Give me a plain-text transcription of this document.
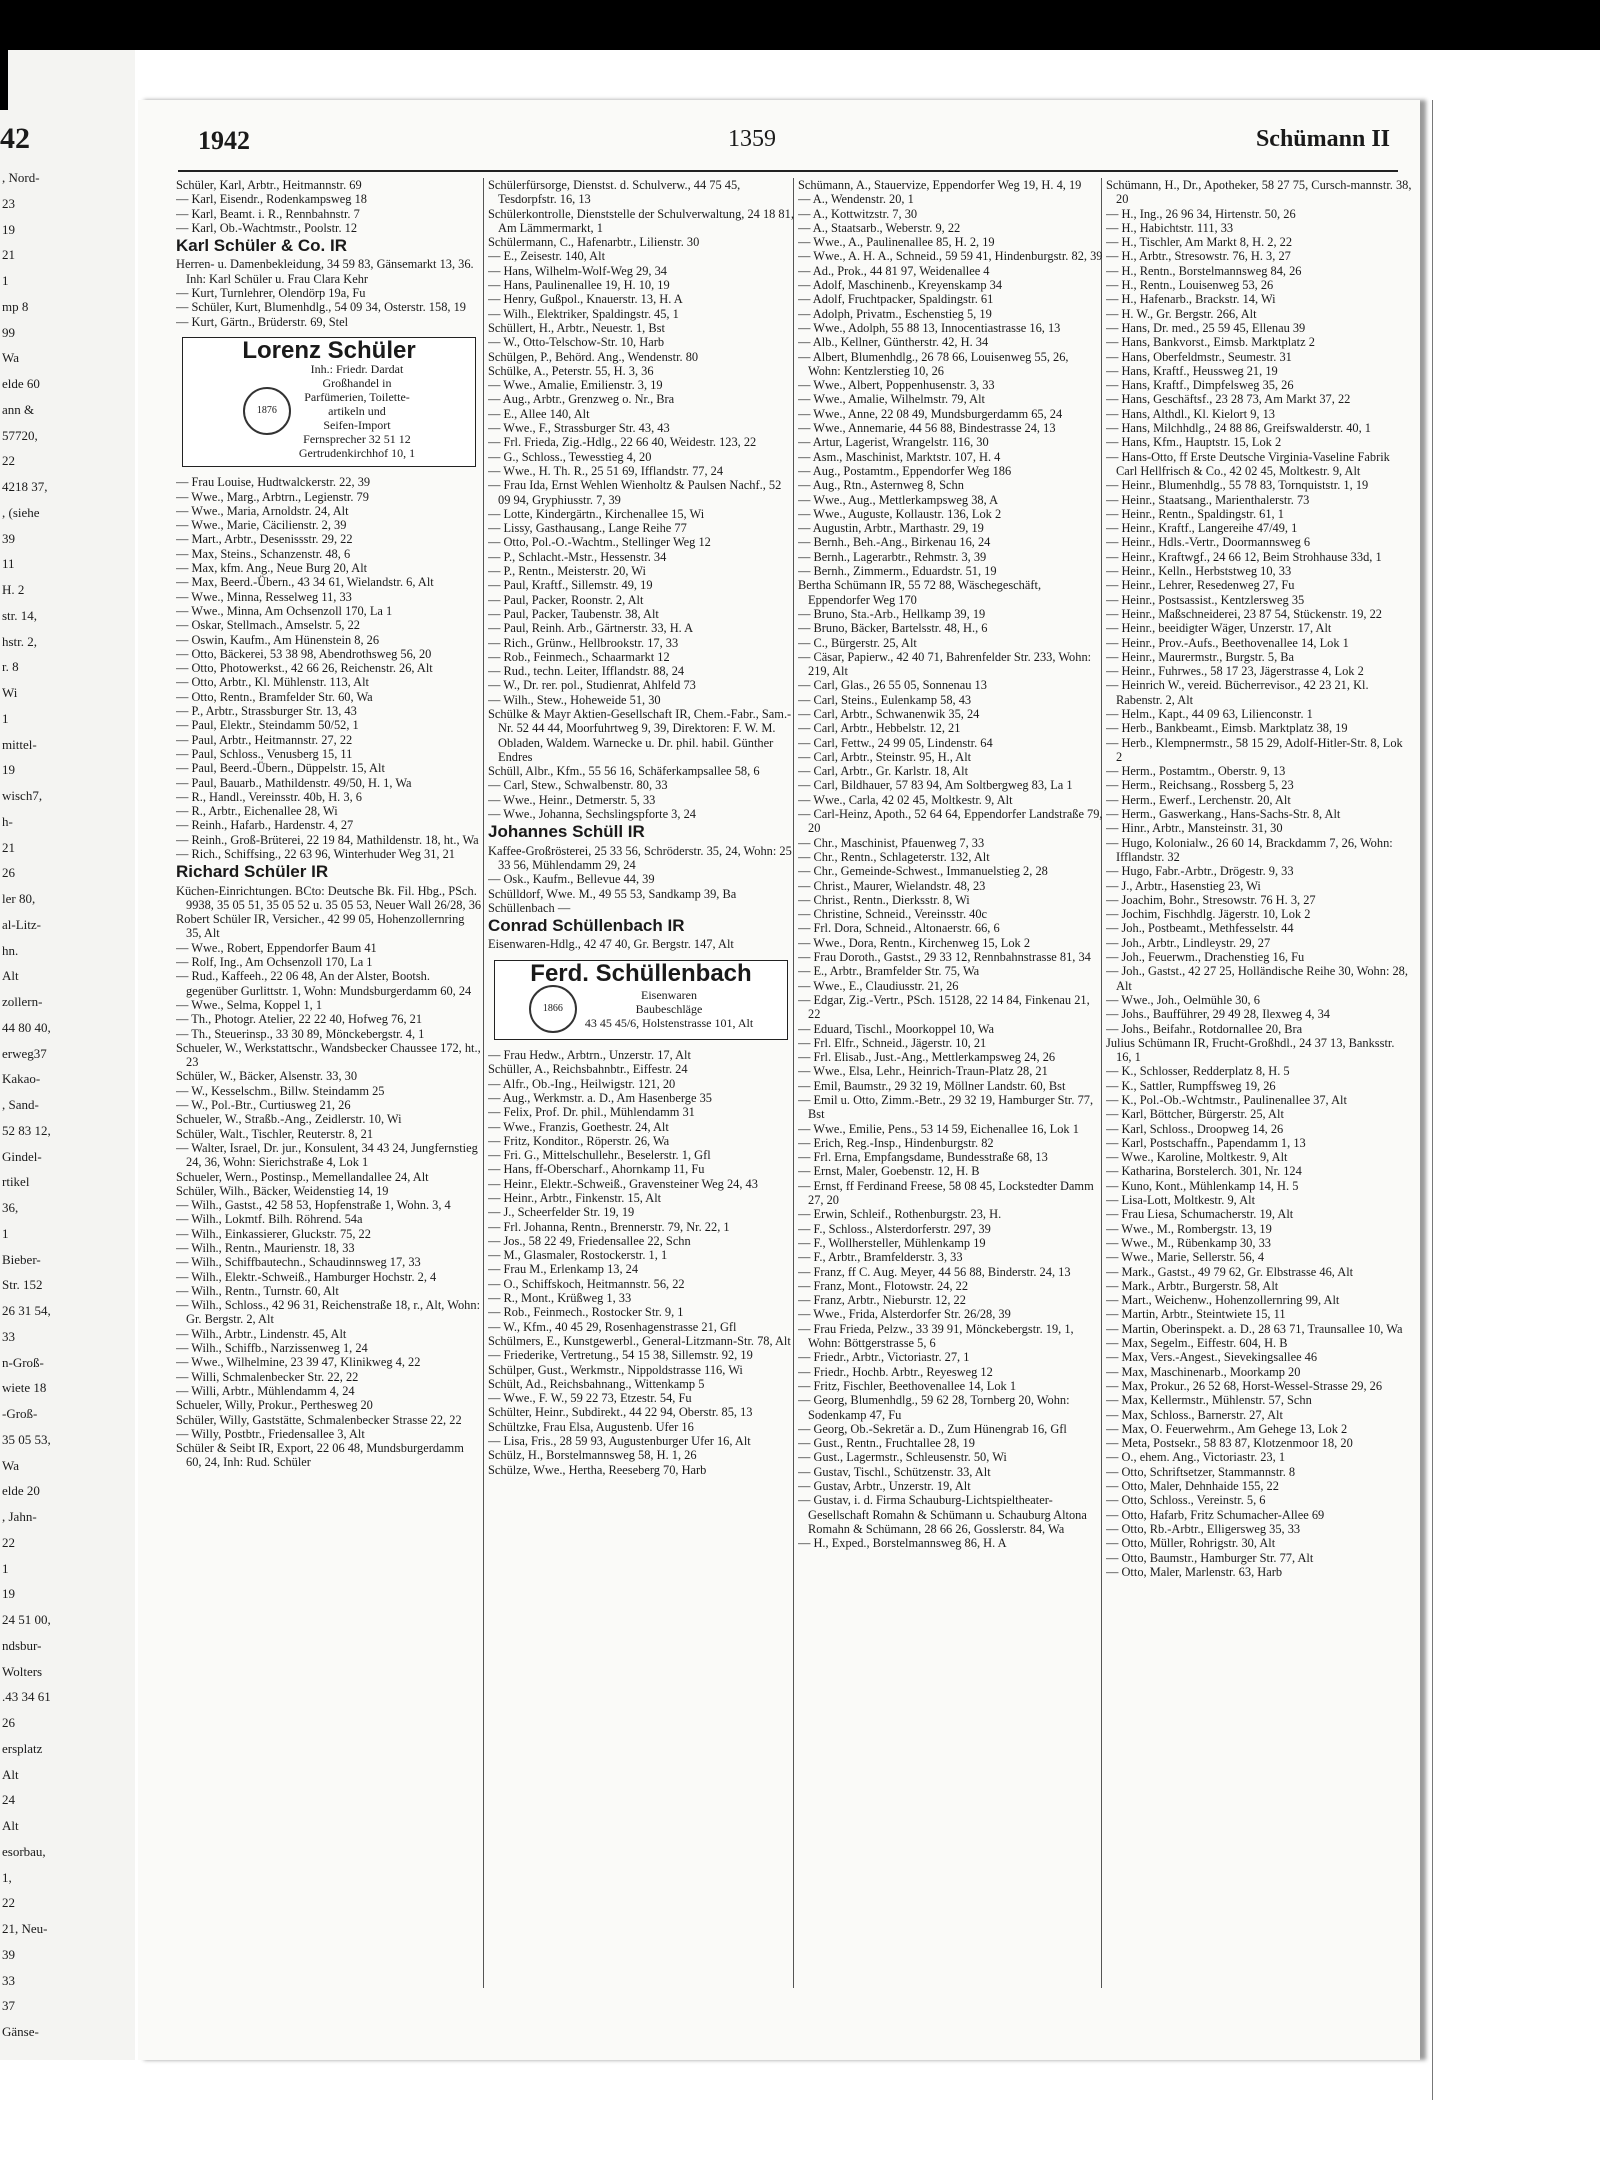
42
, Nord-
23
19
21
1
mp 8
99
Wa
elde 60
ann &
57720,
22
4218 37,
, (siehe
39
11
H. 2
str. 14,
hstr. 2,
r. 8
Wi
1
mittel-
19
wisch7,
h-
21
26
ler 80,
al-Litz-
hn.
Alt
zollern-
44 80 40,
erweg37
Kakao-
, Sand-
52 83 12,
Gindel-
rtikel
36,
1
Bieber-
Str. 152
26 31 54,
33
n-Groß-
wiete 18
-Groß-
35 05 53,
Wa
elde 20
, Jahn-
22
1
19
24 51 00,
ndsbur-
Wolters
.43 34 61
26
ersplatz
Alt
24
Alt
esorbau,
1,
22
21, Neu-
39
33
37
Gänse-
1942	1359	Schümann II
Schüler, Karl, Arbtr., Heitmannstr. 69
— Karl, Eisendr., Rodenkampsweg 18
— Karl, Beamt. i. R., Rennbahnstr. 7
— Karl, Ob.-Wachtmstr., Poolstr. 12
Karl Schüler & Co. IR
Herren- u. Damenbekleidung, 34 59 83, Gänsemarkt 13, 36. Inh: Karl Schüler u. Frau Clara Kehr
— Kurt, Turnlehrer, Olendörp 19a, Fu
— Schüler, Kurt, Blumenhdlg., 54 09 34, Osterstr. 158, 19
— Kurt, Gärtn., Brüderstr. 69, Stel
Lorenz Schüler
1876
Inh.: Friedr. Dardat
Großhandel in
Parfümerien, Toilette-
artikeln und
Seifen-Import
Fernsprecher 32 51 12
Gertrudenkirchhof 10, 1
— Frau Louise, Hudtwalckerstr. 22, 39
— Wwe., Marg., Arbtrn., Legienstr. 79
— Wwe., Maria, Arnoldstr. 24, Alt
— Wwe., Marie, Cäcilienstr. 2, 39
— Mart., Arbtr., Desenissstr. 29, 22
— Max, Steins., Schanzenstr. 48, 6
— Max, kfm. Ang., Neue Burg 20, Alt
— Max, Beerd.-Übern., 43 34 61, Wielandstr. 6, Alt
— Wwe., Minna, Resselweg 11, 33
— Wwe., Minna, Am Ochsenzoll 170, La 1
— Oskar, Stellmach., Amselstr. 5, 22
— Oswin, Kaufm., Am Hünenstein 8, 26
— Otto, Bäckerei, 53 38 98, Abendrothsweg 56, 20
— Otto, Photowerkst., 42 66 26, Reichenstr. 26, Alt
— Otto, Arbtr., Kl. Mühlenstr. 113, Alt
— Otto, Rentn., Bramfelder Str. 60, Wa
— P., Arbtr., Strassburger Str. 13, 43
— Paul, Elektr., Steindamm 50/52, 1
— Paul, Arbtr., Heitmannstr. 27, 22
— Paul, Schloss., Venusberg 15, 11
— Paul, Beerd.-Übern., Düppelstr. 15, Alt
— Paul, Bauarb., Mathildenstr. 49/50, H. 1, Wa
— R., Handl., Vereinsstr. 40b, H. 3, 6
— R., Arbtr., Eichenallee 28, Wi
— Reinh., Hafarb., Hardenstr. 4, 27
— Reinh., Groß-Brüterei, 22 19 84, Mathildenstr. 18, ht., Wa
— Rich., Schiffsing., 22 63 96, Winterhuder Weg 31, 21
Richard Schüler IR
Küchen-Einrichtungen. BCto: Deutsche Bk. Fil. Hbg., PSch. 9938, 35 05 51, 35 05 52 u. 35 05 53, Neuer Wall 26/28, 36
Robert Schüler IR, Versicher., 42 99 05, Hohenzollernring 35, Alt
— Wwe., Robert, Eppendorfer Baum 41
— Rolf, Ing., Am Ochsenzoll 170, La 1
— Rud., Kaffeeh., 22 06 48, An der Alster, Bootsh. gegenüber Gurlittstr. 1, Wohn: Mundsburgerdamm 60, 24
— Wwe., Selma, Koppel 1, 1
— Th., Photogr. Atelier, 22 22 40, Hofweg 76, 21
— Th., Steuerinsp., 33 30 89, Mönckebergstr. 4, 1
Schueler, W., Werkstattschr., Wandsbecker Chaussee 172, ht., 23
Schüler, W., Bäcker, Alsenstr. 33, 30
— W., Kesselschm., Billw. Steindamm 25
— W., Pol.-Btr., Curtiusweg 21, 26
Schueler, W., Straßb.-Ang., Zeidlerstr. 10, Wi
Schüler, Walt., Tischler, Reuterstr. 8, 21
— Walter, Israel, Dr. jur., Konsulent, 34 43 24, Jungfernstieg 24, 36, Wohn: Sierichstraße 4, Lok 1
Schueler, Wern., Postinsp., Memellandallee 24, Alt
Schüler, Wilh., Bäcker, Weidenstieg 14, 19
— Wilh., Gastst., 42 58 53, Hopfenstraße 1, Wohn. 3, 4
— Wilh., Lokmtf. Bilh. Röhrend. 54a
— Wilh., Einkassierer, Gluckstr. 75, 22
— Wilh., Rentn., Maurienstr. 18, 33
— Wilh., Schiffbautechn., Schaudinnsweg 17, 33
— Wilh., Elektr.-Schweiß., Hamburger Hochstr. 2, 4
— Wilh., Rentn., Turnstr. 60, Alt
— Wilh., Schloss., 42 96 31, Reichenstraße 18, r., Alt, Wohn: Gr. Bergstr. 2, Alt
— Wilh., Arbtr., Lindenstr. 45, Alt
— Wilh., Schiffb., Narzissenweg 1, 24
— Wwe., Wilhelmine, 23 39 47, Klinikweg 4, 22
— Willi, Schmalenbecker Str. 22, 22
— Willi, Arbtr., Mühlendamm 4, 24
Schueler, Willy, Prokur., Perthesweg 20
Schüler, Willy, Gaststätte, Schmalenbecker Strasse 22, 22
— Willy, Postbtr., Friedensallee 3, Alt
Schüler & Seibt IR, Export, 22 06 48, Mundsburgerdamm 60, 24, Inh: Rud. Schüler
Schülerfürsorge, Dienstst. d. Schulverw., 44 75 45, Tesdorpfstr. 16, 13
Schülerkontrolle, Dienststelle der Schulverwaltung, 24 18 81, Am Lämmermarkt, 1
Schülermann, C., Hafenarbtr., Lilienstr. 30
— E., Zeisestr. 140, Alt
— Hans, Wilhelm-Wolf-Weg 29, 34
— Hans, Paulinenallee 19, H. 10, 19
— Henry, Gußpol., Knauerstr. 13, H. A
— Wilh., Elektriker, Spaldingstr. 45, 1
Schüllert, H., Arbtr., Neuestr. 1, Bst
— W., Otto-Telschow-Str. 10, Harb
Schülgen, P., Behörd. Ang., Wendenstr. 80
Schülke, A., Peterstr. 55, H. 3, 36
— Wwe., Amalie, Emilienstr. 3, 19
— Aug., Arbtr., Grenzweg o. Nr., Bra
— E., Allee 140, Alt
— Wwe., F., Strassburger Str. 43, 43
— Frl. Frieda, Zig.-Hdlg., 22 66 40, Weidestr. 123, 22
— G., Schloss., Tewesstieg 4, 20
— Wwe., H. Th. R., 25 51 69, Ifflandstr. 77, 24
— Frau Ida, Ernst Wehlen Wienholtz & Paulsen Nachf., 52 09 94, Gryphiusstr. 7, 39
— Lotte, Kindergärtn., Kirchenallee 15, Wi
— Lissy, Gasthausang., Lange Reihe 77
— Otto, Pol.-O.-Wachtm., Stellinger Weg 12
— P., Schlacht.-Mstr., Hessenstr. 34
— P., Rentn., Meisterstr. 20, Wi
— Paul, Kraftf., Sillemstr. 49, 19
— Paul, Packer, Roonstr. 2, Alt
— Paul, Packer, Taubenstr. 38, Alt
— Paul, Reinh. Arb., Gärtnerstr. 33, H. A
— Rich., Grünw., Hellbrookstr. 17, 33
— Rob., Feinmech., Schaarmarkt 12
— Rud., techn. Leiter, Ifflandstr. 88, 24
— W., Dr. rer. pol., Studienrat, Ahlfeld 73
— Wilh., Stew., Hoheweide 51, 30
Schülke & Mayr Aktien-Gesellschaft IR, Chem.-Fabr., Sam.-Nr. 52 44 44, Moorfuhrtweg 9, 39, Direktoren: F. W. M. Obladen, Waldem. Warnecke u. Dr. phil. habil. Günther Endres
Schüll, Albr., Kfm., 55 56 16, Schäferkampsallee 58, 6
— Carl, Stew., Schwalbenstr. 80, 33
— Wwe., Heinr., Detmerstr. 5, 33
— Wwe., Johanna, Sechslingspforte 3, 24
Johannes Schüll IR
Kaffee-Großrösterei, 25 33 56, Schröderstr. 35, 24, Wohn: 25 33 56, Mühlendamm 29, 24
— Osk., Kaufm., Bellevue 44, 39
Schülldorf, Wwe. M., 49 55 53, Sandkamp 39, Ba
Schüllenbach —
Conrad Schüllenbach IR
Eisenwaren-Hdlg., 42 47 40, Gr. Bergstr. 147, Alt
Ferd. Schüllenbach
1866
Eisenwaren
Baubeschläge
43 45 45/6, Holstenstrasse 101, Alt
— Frau Hedw., Arbtrn., Unzerstr. 17, Alt
Schüller, A., Reichsbahnbtr., Eiffestr. 24
— Alfr., Ob.-Ing., Heilwigstr. 121, 20
— Aug., Werkmstr. a. D., Am Hasenberge 35
— Felix, Prof. Dr. phil., Mühlendamm 31
— Wwe., Franzis, Goethestr. 24, Alt
— Fritz, Konditor., Röperstr. 26, Wa
— Fri. G., Mittelschullehr., Beselerstr. 1, Gfl
— Hans, ff-Oberscharf., Ahornkamp 11, Fu
— Heinr., Elektr.-Schweiß., Gravensteiner Weg 24, 43
— Heinr., Arbtr., Finkenstr. 15, Alt
— J., Scheerfelder Str. 19, 19
— Frl. Johanna, Rentn., Brennerstr. 79, Nr. 22, 1
— Jos., 58 22 49, Friedensallee 22, Schn
— M., Glasmaler, Rostockerstr. 1, 1
— Frau M., Erlenkamp 13, 24
— O., Schiffskoch, Heitmannstr. 56, 22
— R., Mont., Krüßweg 1, 33
— Rob., Feinmech., Rostocker Str. 9, 1
— W., Kfm., 40 45 29, Rosenhagenstrasse 21, Gfl
Schülmers, E., Kunstgewerbl., General-Litzmann-Str. 78, Alt
— Friederike, Vertretung., 54 15 38, Sillemstr. 92, 19
Schülper, Gust., Werkmstr., Nippoldstrasse 116, Wi
Schült, Ad., Reichsbahnang., Wittenkamp 5
— Wwe., F. W., 59 22 73, Etzestr. 54, Fu
Schülter, Heinr., Subdirekt., 44 22 94, Oberstr. 85, 13
Schültzke, Frau Elsa, Augustenb. Ufer 16
— Lisa, Fris., 28 59 93, Augustenburger Ufer 16, Alt
Schülz, H., Borstelmannsweg 58, H. 1, 26
Schülze, Wwe., Hertha, Reeseberg 70, Harb
Schümann, A., Stauervize, Eppendorfer Weg 19, H. 4, 19
— A., Wendenstr. 20, 1
— A., Kottwitzstr. 7, 30
— A., Staatsarb., Weberstr. 9, 22
— Wwe., A., Paulinenallee 85, H. 2, 19
— Wwe., A. H. A., Schneid., 59 59 41, Hindenburgstr. 82, 39
— Ad., Prok., 44 81 97, Weidenallee 4
— Adolf, Maschinenb., Kreyenskamp 34
— Adolf, Fruchtpacker, Spaldingstr. 61
— Adolph, Privatm., Eschenstieg 5, 19
— Wwe., Adolph, 55 88 13, Innocentiastrasse 16, 13
— Alb., Kellner, Güntherstr. 42, H. 34
— Albert, Blumenhdlg., 26 78 66, Louisenweg 55, 26, Wohn: Kentzlerstieg 10, 26
— Wwe., Albert, Poppenhusenstr. 3, 33
— Wwe., Amalie, Wilhelmstr. 79, Alt
— Wwe., Anne, 22 08 49, Mundsburgerdamm 65, 24
— Wwe., Annemarie, 44 56 88, Bindestrasse 24, 13
— Artur, Lagerist, Wrangelstr. 116, 30
— Asm., Maschinist, Marktstr. 107, H. 4
— Aug., Postamtm., Eppendorfer Weg 186
— Aug., Rtn., Asternweg 8, Schn
— Wwe., Aug., Mettlerkampsweg 38, A
— Wwe., Auguste, Kollaustr. 136, Lok 2
— Augustin, Arbtr., Marthastr. 29, 19
— Bernh., Beh.-Ang., Birkenau 16, 24
— Bernh., Lagerarbtr., Rehmstr. 3, 39
— Bernh., Zimmerm., Eduardstr. 51, 19
Bertha Schümann IR, 55 72 88, Wäschegeschäft, Eppendorfer Weg 170
— Bruno, Sta.-Arb., Hellkamp 39, 19
— Bruno, Bäcker, Bartelsstr. 48, H., 6
— C., Bürgerstr. 25, Alt
— Cäsar, Papierw., 42 40 71, Bahrenfelder Str. 233, Wohn: 219, Alt
— Carl, Glas., 26 55 05, Sonnenau 13
— Carl, Steins., Eulenkamp 58, 43
— Carl, Arbtr., Schwanenwik 35, 24
— Carl, Arbtr., Hebbelstr. 12, 21
— Carl, Fettw., 24 99 05, Lindenstr. 64
— Carl, Arbtr., Steinstr. 95, H., Alt
— Carl, Arbtr., Gr. Karlstr. 18, Alt
— Carl, Bildhauer, 57 83 94, Am Soltbergweg 83, La 1
— Wwe., Carla, 42 02 45, Moltkestr. 9, Alt
— Carl-Heinz, Apoth., 52 64 64, Eppendorfer Landstraße 79, 20
— Chr., Maschinist, Pfauenweg 7, 33
— Chr., Rentn., Schlageterstr. 132, Alt
— Chr., Gemeinde-Schwest., Immanuelstieg 2, 28
— Christ., Maurer, Wielandstr. 48, 23
— Christ., Rentn., Dierksstr. 8, Wi
— Christine, Schneid., Vereinsstr. 40c
— Frl. Dora, Schneid., Altonaerstr. 66, 6
— Wwe., Dora, Rentn., Kirchenweg 15, Lok 2
— Frau Doroth., Gastst., 29 33 12, Rennbahnstrasse 81, 34
— E., Arbtr., Bramfelder Str. 75, Wa
— Wwe., E., Claudiusstr. 21, 26
— Edgar, Zig.-Vertr., PSch. 15128, 22 14 84, Finkenau 21, 22
— Eduard, Tischl., Moorkoppel 10, Wa
— Frl. Elfr., Schneid., Jägerstr. 10, 21
— Frl. Elisab., Just.-Ang., Mettlerkampsweg 24, 26
— Wwe., Elsa, Lehr., Heinrich-Traun-Platz 28, 21
— Emil, Baumstr., 29 32 19, Möllner Landstr. 60, Bst
— Emil u. Otto, Zimm.-Betr., 29 32 19, Hamburger Str. 77, Bst
— Wwe., Emilie, Pens., 53 14 59, Eichenallee 16, Lok 1
— Erich, Reg.-Insp., Hindenburgstr. 82
— Frl. Erna, Empfangsdame, Bundesstraße 68, 13
— Ernst, Maler, Goebenstr. 12, H. B
— Ernst, ff Ferdinand Freese, 58 08 45, Lockstedter Damm 27, 20
— Erwin, Schleif., Rothenburgstr. 23, H.
— F., Schloss., Alsterdorferstr. 297, 39
— F., Wollhersteller, Mühlenkamp 19
— F., Arbtr., Bramfelderstr. 3, 33
— Franz, ff C. Aug. Meyer, 44 56 88, Binderstr. 24, 13
— Franz, Mont., Flotowstr. 24, 22
— Franz, Arbtr., Nieburstr. 12, 22
— Wwe., Frida, Alsterdorfer Str. 26/28, 39
— Frau Frieda, Pelzw., 33 39 91, Mönckebergstr. 19, 1, Wohn: Böttgerstrasse 5, 6
— Friedr., Arbtr., Victoriastr. 27, 1
— Friedr., Hochb. Arbtr., Reyesweg 12
— Fritz, Fischler, Beethovenallee 14, Lok 1
— Georg, Blumenhdlg., 59 62 28, Tornberg 20, Wohn: Sodenkamp 47, Fu
— Georg, Ob.-Sekretär a. D., Zum Hünengrab 16, Gfl
— Gust., Rentn., Fruchtallee 28, 19
— Gust., Lagermstr., Schleusenstr. 50, Wi
— Gustav, Tischl., Schützenstr. 33, Alt
— Gustav, Arbtr., Unzerstr. 19, Alt
— Gustav, i. d. Firma Schauburg-Lichtspieltheater-Gesellschaft Romahn & Schümann u. Schauburg Altona Romahn & Schümann, 28 66 26, Gosslerstr. 84, Wa
— H., Exped., Borstelmannsweg 86, H. A
Schümann, H., Dr., Apotheker, 58 27 75, Cursch-mannstr. 38, 20
— H., Ing., 26 96 34, Hirtenstr. 50, 26
— H., Habichtstr. 111, 33
— H., Tischler, Am Markt 8, H. 2, 22
— H., Arbtr., Stresowstr. 76, H. 3, 27
— H., Rentn., Borstelmannsweg 84, 26
— H., Rentn., Louisenweg 53, 26
— H., Hafenarb., Brackstr. 14, Wi
— H. W., Gr. Bergstr. 266, Alt
— Hans, Dr. med., 25 59 45, Ellenau 39
— Hans, Bankvorst., Eimsb. Marktplatz 2
— Hans, Oberfeldmstr., Seumestr. 31
— Hans, Kraftf., Heussweg 21, 19
— Hans, Kraftf., Dimpfelsweg 35, 26
— Hans, Geschäftsf., 23 28 73, Am Markt 37, 22
— Hans, Althdl., Kl. Kielort 9, 13
— Hans, Milchhdlg., 24 88 86, Greifswalderstr. 40, 1
— Hans, Kfm., Hauptstr. 15, Lok 2
— Hans-Otto, ff Erste Deutsche Virginia-Vaseline Fabrik Carl Hellfrisch & Co., 42 02 45, Moltkestr. 9, Alt
— Heinr., Blumenhdlg., 55 78 83, Tornquiststr. 1, 19
— Heinr., Staatsang., Marienthalerstr. 73
— Heinr., Rentn., Spaldingstr. 61, 1
— Heinr., Kraftf., Langereihe 47/49, 1
— Heinr., Hdls.-Vertr., Doormannsweg 6
— Heinr., Kraftwgf., 24 66 12, Beim Strohhause 33d, 1
— Heinr., Kelln., Herbststweg 10, 33
— Heinr., Lehrer, Resedenweg 27, Fu
— Heinr., Postsassist., Kentzlersweg 35
— Heinr., Maßschneiderei, 23 87 54, Stückenstr. 19, 22
— Heinr., beeidigter Wäger, Unzerstr. 17, Alt
— Heinr., Prov.-Aufs., Beethovenallee 14, Lok 1
— Heinr., Maurermstr., Burgstr. 5, Ba
— Heinr., Fuhrwes., 58 17 23, Jägerstrasse 4, Lok 2
— Heinrich W., vereid. Bücherrevisor., 42 23 21, Kl. Rabenstr. 2, Alt
— Helm., Kapt., 44 09 63, Lilienconstr. 1
— Herb., Bankbeamt., Eimsb. Marktplatz 38, 19
— Herb., Klempnermstr., 58 15 29, Adolf-Hitler-Str. 8, Lok 2
— Herm., Postamtm., Oberstr. 9, 13
— Herm., Reichsang., Rossberg 5, 23
— Herm., Ewerf., Lerchenstr. 20, Alt
— Herm., Gaswerkang., Hans-Sachs-Str. 8, Alt
— Hinr., Arbtr., Mansteinstr. 31, 30
— Hugo, Kolonialw., 26 60 14, Brackdamm 7, 26, Wohn: Ifflandstr. 32
— Hugo, Fabr.-Arbtr., Drögestr. 9, 33
— J., Arbtr., Hasenstieg 23, Wi
— Joachim, Bohr., Stresowstr. 76 H. 3, 27
— Jochim, Fischhdlg. Jägerstr. 10, Lok 2
— Joh., Postbeamt., Methfesselstr. 44
— Joh., Arbtr., Lindleystr. 29, 27
— Joh., Feuerwm., Drachenstieg 16, Fu
— Joh., Gastst., 42 27 25, Holländische Reihe 30, Wohn: 28, Alt
— Wwe., Joh., Oelmühle 30, 6
— Johs., Baufführer, 29 49 28, Ilexweg 4, 34
— Johs., Beifahr., Rotdornallee 20, Bra
Julius Schümann IR, Frucht-Großhdl., 24 37 13, Banksstr. 16, 1
— K., Schlosser, Redderplatz 8, H. 5
— K., Sattler, Rumpffsweg 19, 26
— K., Pol.-Ob.-Wchtmstr., Paulinenallee 37, Alt
— Karl, Böttcher, Bürgerstr. 25, Alt
— Karl, Schloss., Droopweg 14, 26
— Karl, Postschaffn., Papendamm 1, 13
— Wwe., Karoline, Moltkestr. 9, Alt
— Katharina, Borstelerch. 301, Nr. 124
— Kuno, Kont., Mühlenkamp 14, H. 5
— Lisa-Lott, Moltkestr. 9, Alt
— Frau Liesa, Schumacherstr. 19, Alt
— Wwe., M., Rombergstr. 13, 19
— Wwe., M., Rübenkamp 30, 33
— Wwe., Marie, Sellerstr. 56, 4
— Mark., Gastst., 49 79 62, Gr. Elbstrasse 46, Alt
— Mark., Arbtr., Burgerstr. 58, Alt
— Mart., Weichenw., Hohenzollernring 99, Alt
— Martin, Arbtr., Steintwiete 15, 11
— Martin, Oberinspekt. a. D., 28 63 71, Traunsallee 10, Wa
— Max, Segelm., Eiffestr. 604, H. B
— Max, Vers.-Angest., Sievekingsallee 46
— Max, Maschinenarb., Moorkamp 20
— Max, Prokur., 26 52 68, Horst-Wessel-Strasse 29, 26
— Max, Kellermstr., Mühlenstr. 57, Schn
— Max, Schloss., Barnerstr. 27, Alt
— Max, O. Feuerwehrm., Am Gehege 13, Lok 2
— Meta, Postsekr., 58 83 87, Klotzenmoor 18, 20
— O., ehem. Ang., Victoriastr. 23, 1
— Otto, Schriftsetzer, Stammannstr. 8
— Otto, Maler, Dehnhaide 155, 22
— Otto, Schloss., Vereinstr. 5, 6
— Otto, Hafarb, Fritz Schumacher-Allee 69
— Otto, Rb.-Arbtr., Elligersweg 35, 33
— Otto, Müller, Rohrigstr. 30, Alt
— Otto, Baumstr., Hamburger Str. 77, Alt
— Otto, Maler, Marlenstr. 63, Harb
